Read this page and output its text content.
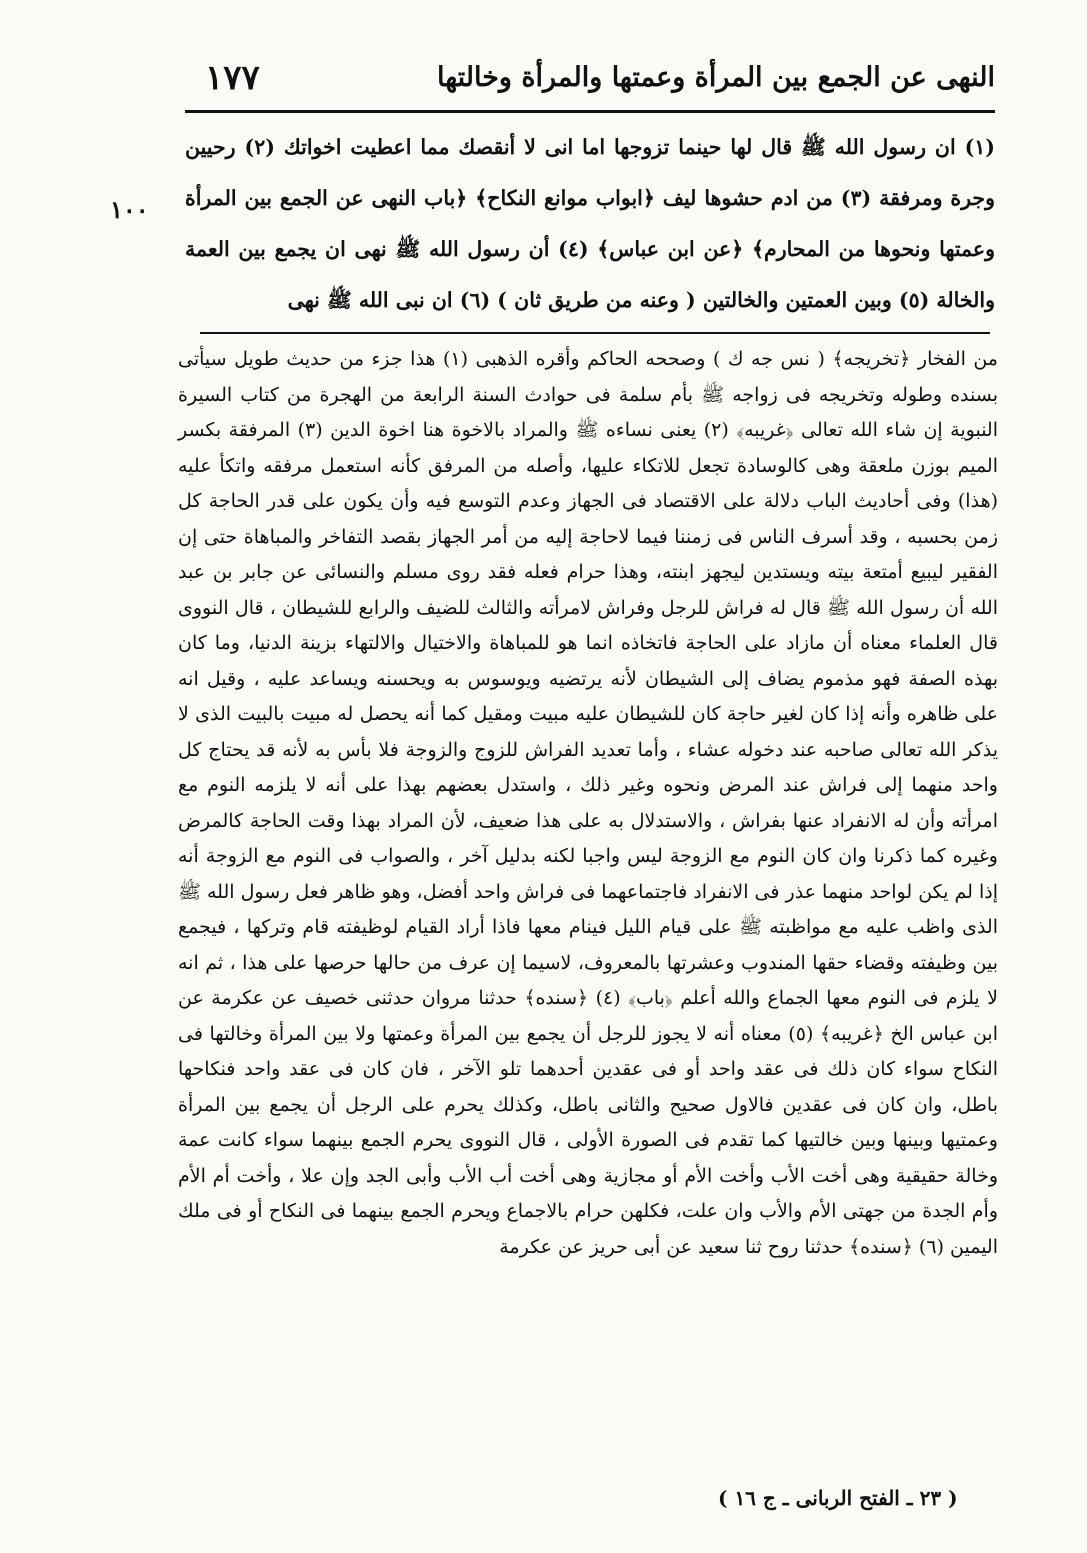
النهى عن الجمع بين المرأة وعمتها والمرأة وخالتها
١٧٧
١٠٠

(١) ان رسول الله ﷺ قال لها حينما تزوجها اما انى لا أنقصك مما اعطيت اخواتك (٢) رحيين وجرة ومرفقة (٣) من ادم حشوها ليف ﴿ابواب موانع النكاح﴾ ﴿باب النهى عن الجمع بين المرأة وعمتها ونحوها من المحارم﴾ ﴿عن ابن عباس﴾ (٤) أن رسول الله ﷺ نهى ان يجمع بين العمة والخالة (٥) وبين العمتين والخالتين ( وعنه من طريق ثان ) (٦) ان نبى الله ﷺ نهى

من الفخار ﴿تخريجه﴾ ( نس جه ك ) وصححه الحاكم وأقره الذهبى (١) هذا جزء من حديث طويل سيأتى بسنده وطوله وتخريجه فى زواجه ﷺ بأم سلمة فى حوادث السنة الرابعة من الهجرة من كتاب السيرة النبوية إن شاء الله تعالى ﴿غريبه﴾ (٢) يعنى نساءه ﷺ والمراد بالاخوة هنا اخوة الدين (٣) المرفقة بكسر الميم بوزن ملعقة وهى كالوسادة تجعل للاتكاء عليها، وأصله من المرفق كأنه استعمل مرفقه واتكأ عليه (هذا) وفى أحاديث الباب دلالة على الاقتصاد فى الجهاز وعدم التوسع فيه وأن يكون على قدر الحاجة كل زمن بحسبه ، وقد أسرف الناس فى زمننا فيما لاحاجة إليه من أمر الجهاز بقصد التفاخر والمباهاة حتى إن الفقير ليبيع أمتعة بيته ويستدين ليجهز ابنته، وهذا حرام فعله فقد روى مسلم والنسائى عن جابر بن عبد الله أن رسول الله ﷺ قال له فراش للرجل وفراش لامرأته والثالث للضيف والرابع للشيطان ، قال النووى قال العلماء معناه أن مازاد على الحاجة فاتخاذه انما هو للمباهاة والاختيال والالتهاء بزينة الدنيا، وما كان بهذه الصفة فهو مذموم يضاف إلى الشيطان لأنه يرتضيه ويوسوس به ويحسنه ويساعد عليه ، وقيل انه على ظاهره وأنه إذا كان لغير حاجة كان للشيطان عليه مبيت ومقيل كما أنه يحصل له مبيت بالبيت الذى لا يذكر الله تعالى صاحبه عند دخوله عشاء ، وأما تعديد الفراش للزوج والزوجة فلا بأس به لأنه قد يحتاج كل واحد منهما إلى فراش عند المرض ونحوه وغير ذلك ، واستدل بعضهم بهذا على أنه لا يلزمه النوم مع امرأته وأن له الانفراد عنها بفراش ، والاستدلال به على هذا ضعيف، لأن المراد بهذا وقت الحاجة كالمرض وغيره كما ذكرنا وان كان النوم مع الزوجة ليس واجبا لكنه بدليل آخر ، والصواب فى النوم مع الزوجة أنه إذا لم يكن لواحد منهما عذر فى الانفراد فاجتماعهما فى فراش واحد أفضل، وهو ظاهر فعل رسول الله ﷺ الذى واظب عليه مع مواظبته ﷺ على قيام الليل فينام معها فاذا أراد القيام لوظيفته قام وتركها ، فيجمع بين وظيفته وقضاء حقها المندوب وعشرتها بالمعروف، لاسيما إن عرف من حالها حرصها على هذا ، ثم انه لا يلزم فى النوم معها الجماع والله أعلم ﴿باب﴾ (٤) ﴿سنده﴾ حدثنا مروان حدثنى خصيف عن عكرمة عن ابن عباس الخ ﴿غريبه﴾ (٥) معناه أنه لا يجوز للرجل أن يجمع بين المرأة وعمتها ولا بين المرأة وخالتها فى النكاح سواء كان ذلك فى عقد واحد أو فى عقدين أحدهما تلو الآخر ، فان كان فى عقد واحد فنكاحها باطل، وان كان فى عقدين فالاول صحيح والثانى باطل، وكذلك يحرم على الرجل أن يجمع بين المرأة وعمتيها وبينها وبين خالتيها كما تقدم فى الصورة الأولى ، قال النووى يحرم الجمع بينهما سواء كانت عمة وخالة حقيقية وهى أخت الأب وأخت الأم أو مجازية وهى أخت أب الأب وأبى الجد وإن علا ، وأخت أم الأم وأم الجدة من جهتى الأم والأب وان علت، فكلهن حرام بالاجماع ويحرم الجمع بينهما فى النكاح أو فى ملك اليمين (٦) ﴿سنده﴾ حدثنا روح ثنا سعيد عن أبى حريز عن عكرمة

( ٢٣ ـ الفتح الربانى ـ ج ١٦ )
